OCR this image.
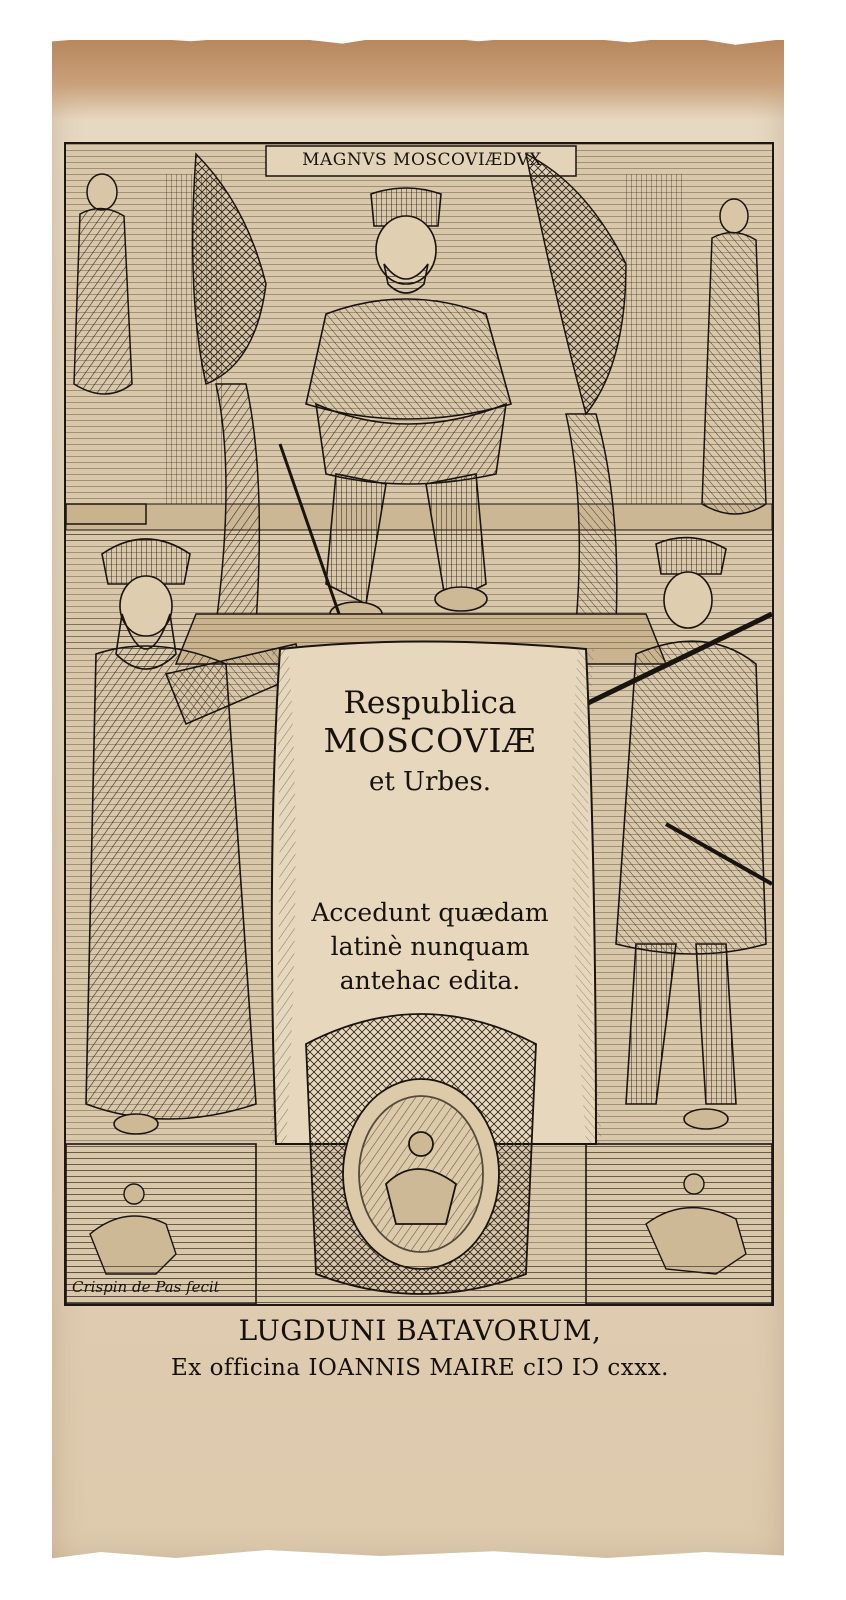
MAGNVS MOSCOVIÆDVX
Respublica
MOSCOVIÆ
et Urbes.
Accedunt quædam
latinè nunquam
antehac edita.
Crispin de Pas fecit
LUGDUNI BATAVORUM,
Ex officina IOANNIS MAIRE cIↃ IↃ cxxx.
